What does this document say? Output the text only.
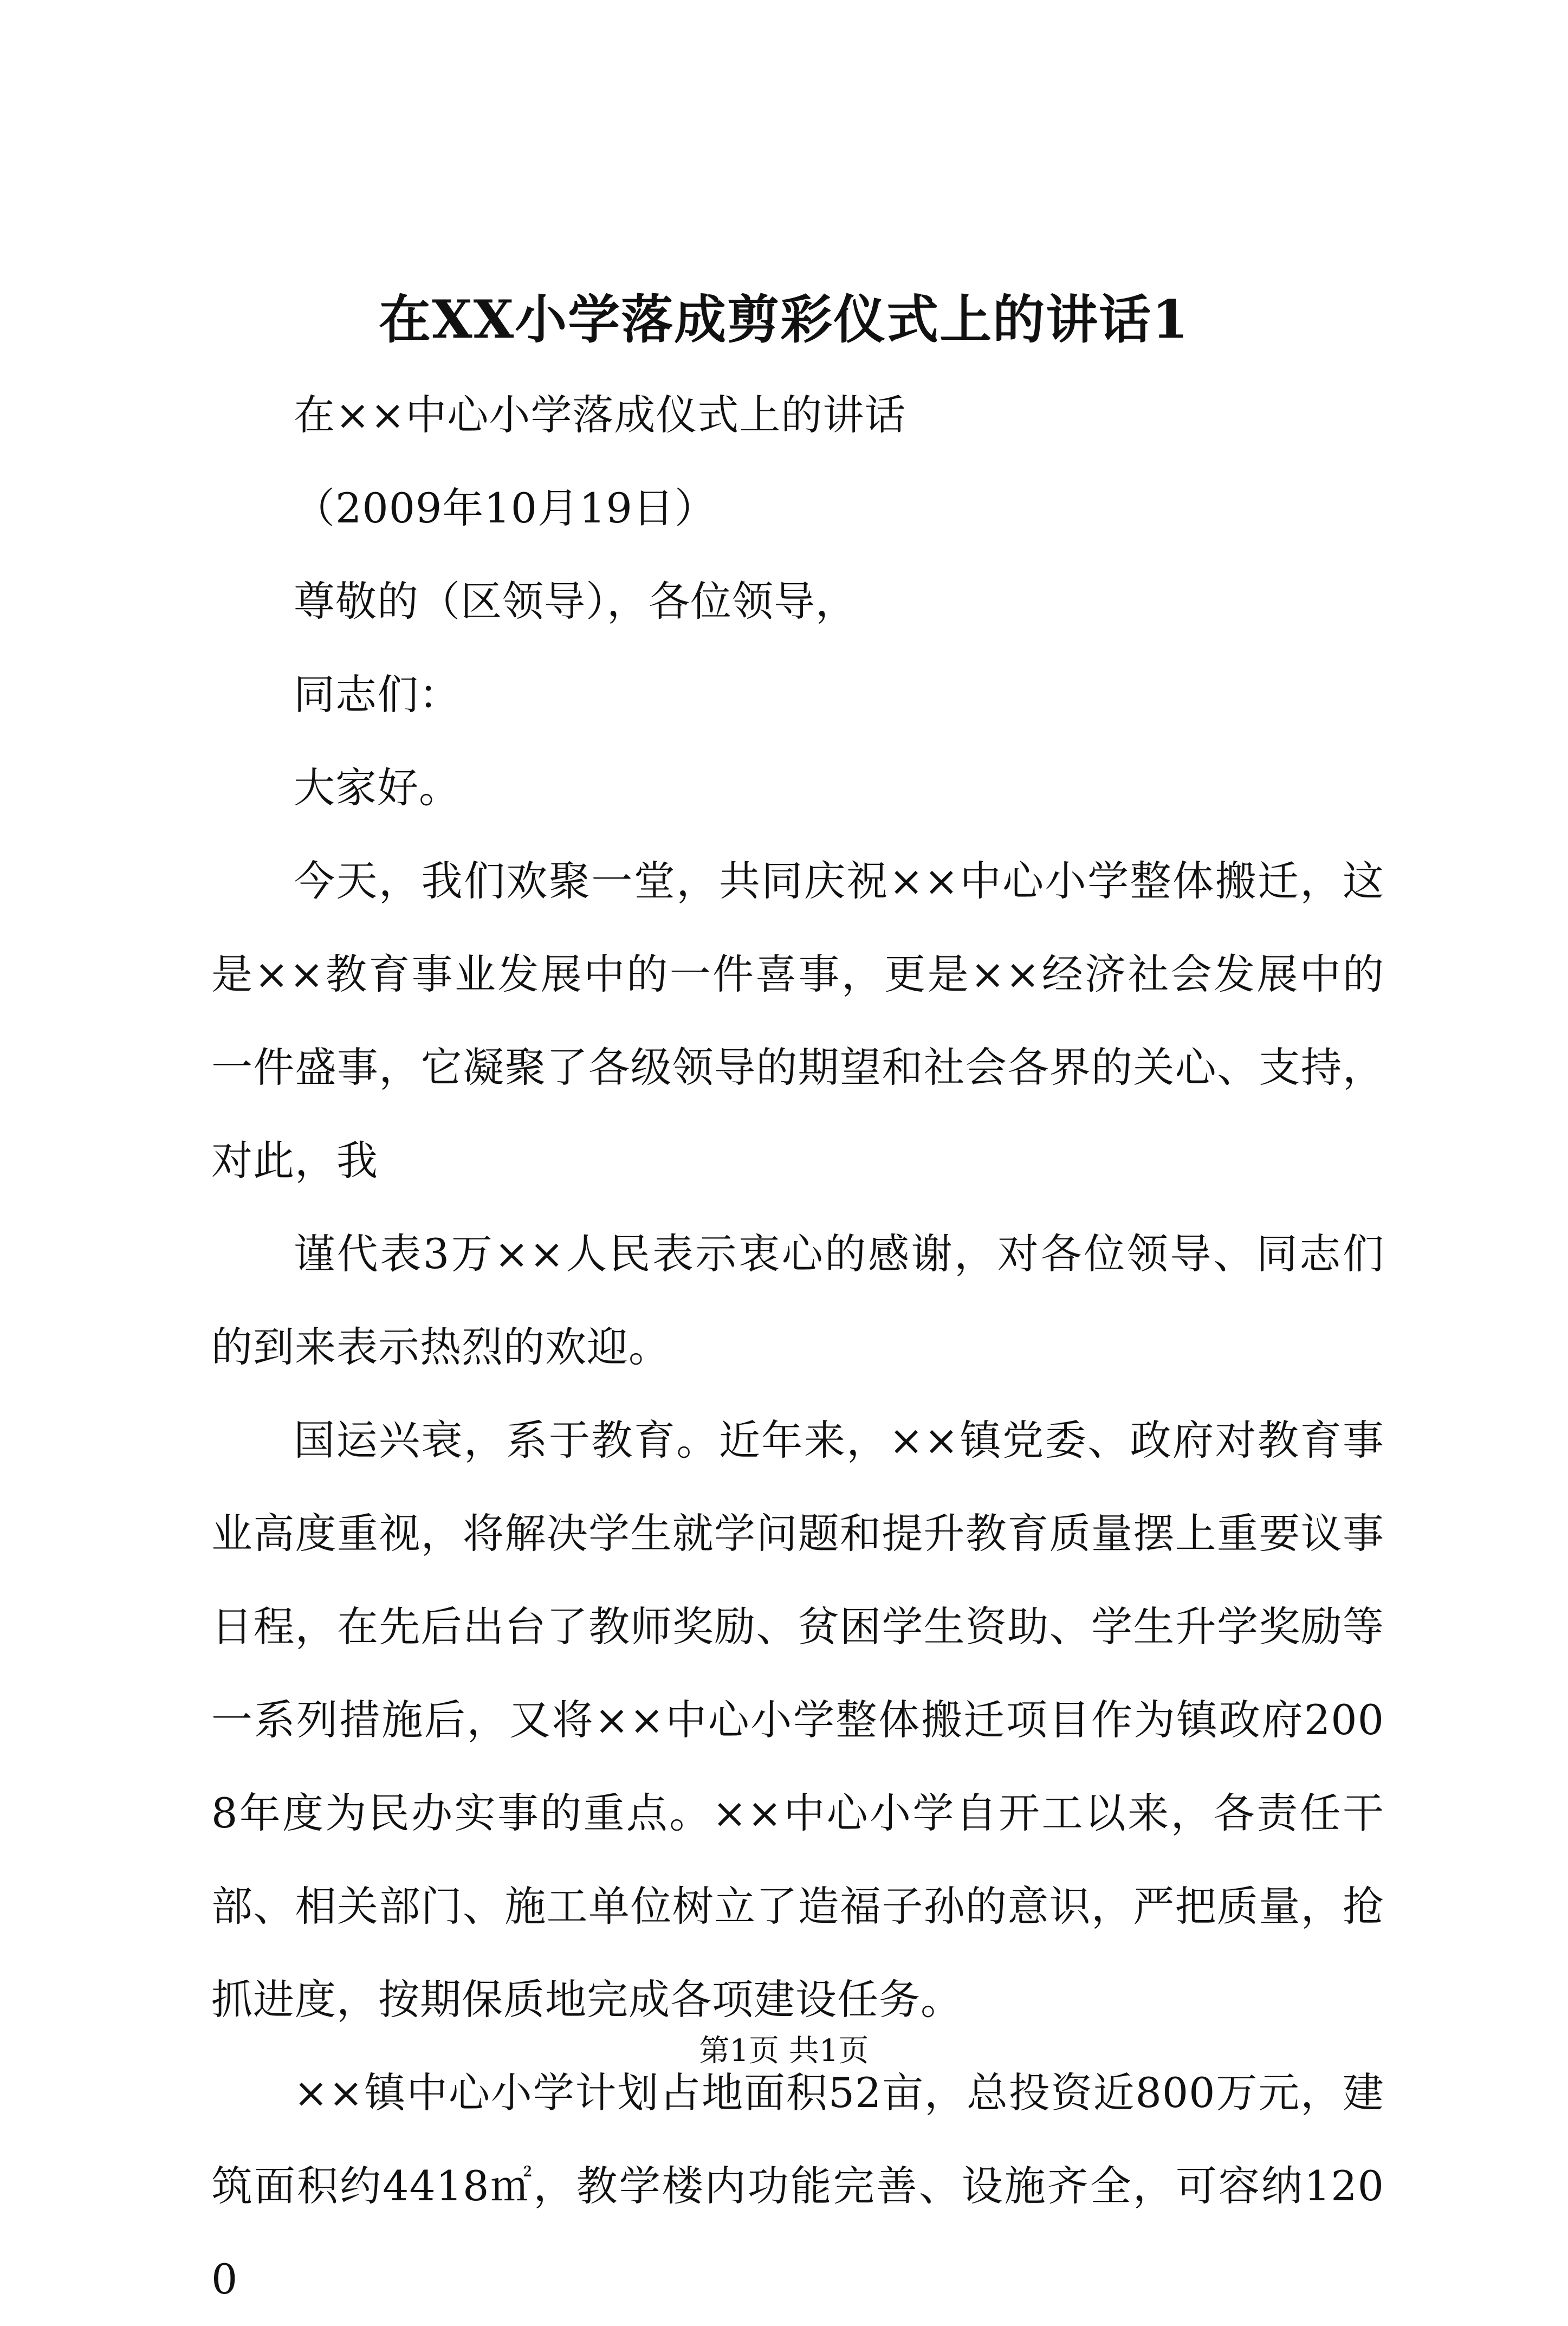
在XX小学落成剪彩仪式上的讲话1

在××中心小学落成仪式上的讲话

（2009年10月19日）

尊敬的（区领导），各位领导，

同志们：

大家好。

今天，我们欢聚一堂，共同庆祝××中心小学整体搬迁，这是××教育事业发展中的一件喜事，更是××经济社会发展中的一件盛事，它凝聚了各级领导的期望和社会各界的关心、支持，对此，我

谨代表3万××人民表示衷心的感谢，对各位领导、同志们的到来表示热烈的欢迎。

国运兴衰，系于教育。近年来，××镇党委、政府对教育事业高度重视，将解决学生就学问题和提升教育质量摆上重要议事日程，在先后出台了教师奖励、贫困学生资助、学生升学奖励等一系列措施后，又将××中心小学整体搬迁项目作为镇政府2008年度为民办实事的重点。××中心小学自开工以来，各责任干部、相关部门、施工单位树立了造福子孙的意识，严把质量，抢抓进度，按期保质地完成各项建设任务。

××镇中心小学计划占地面积52亩，总投资近800万元，建筑面积约4418㎡，教学楼内功能完善、设施齐全，可容纳1200

第1页 共1页
